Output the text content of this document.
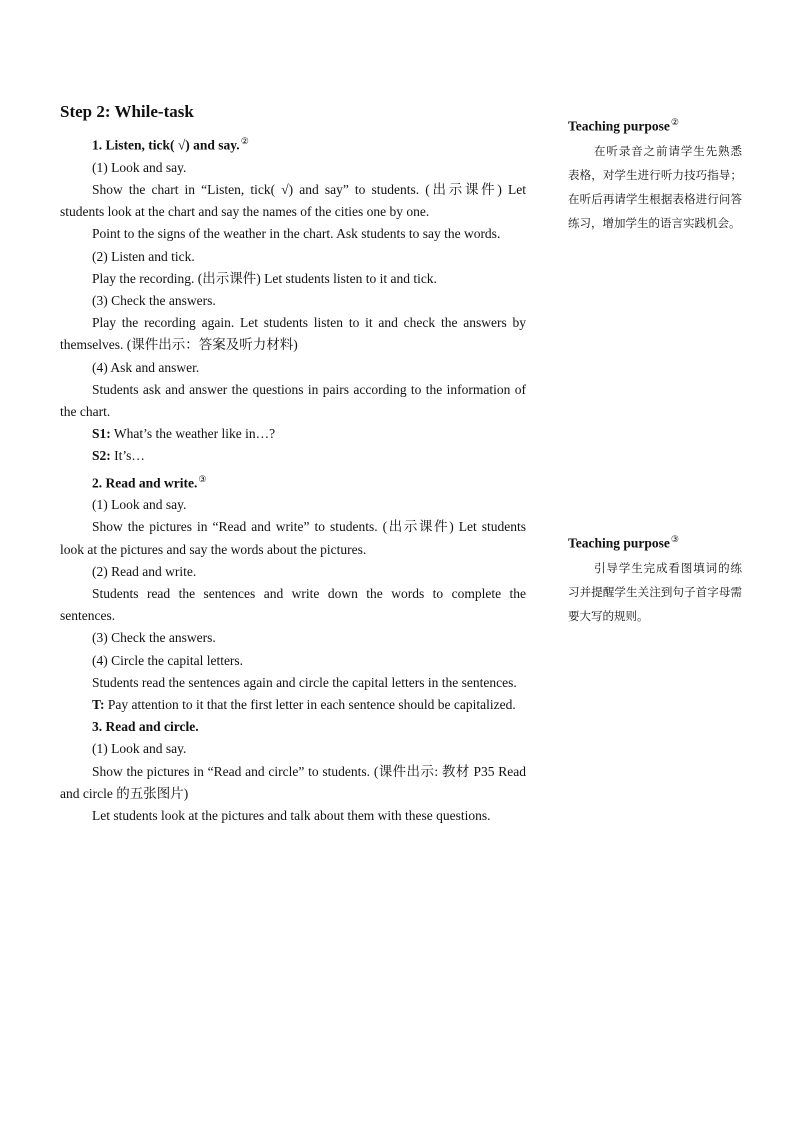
Step 2: While-task

1. Listen, tick( √) and say.②

(1) Look and say.

Show the chart in “Listen, tick( √) and say” to students. (出示课件) Let students look at the chart and say the names of the cities one by one.

Point to the signs of the weather in the chart. Ask students to say the words.

(2) Listen and tick.

Play the recording. (出示课件) Let students listen to it and tick.

(3) Check the answers.

Play the recording again. Let students listen to it and check the answers by themselves. (课件出示：答案及听力材料)

(4) Ask and answer.

Students ask and answer the questions in pairs according to the information of the chart.

S1: What’s the weather like in…?

S2: It’s…

2. Read and write.③

(1) Look and say.

Show the pictures in “Read and write” to students. (出示课件) Let students look at the pictures and say the words about the pictures.

(2) Read and write.

Students read the sentences and write down the words to complete the sentences.

(3) Check the answers.

(4) Circle the capital letters.

Students read the sentences again and circle the capital letters in the sentences.

T: Pay attention to it that the first letter in each sentence should be capitalized.

3. Read and circle.

(1) Look and say.

Show the pictures in “Read and circle” to students. (课件出示: 教材 P35 Read and circle 的五张图片)

Let students look at the pictures and talk about them with these questions.

Teaching purpose②

在听录音之前请学生先熟悉表格，对学生进行听力技巧指导；在听后再请学生根据表格进行问答练习，增加学生的语言实践机会。

Teaching purpose③

引导学生完成看图填词的练习并提醒学生关注到句子首字母需要大写的规则。
